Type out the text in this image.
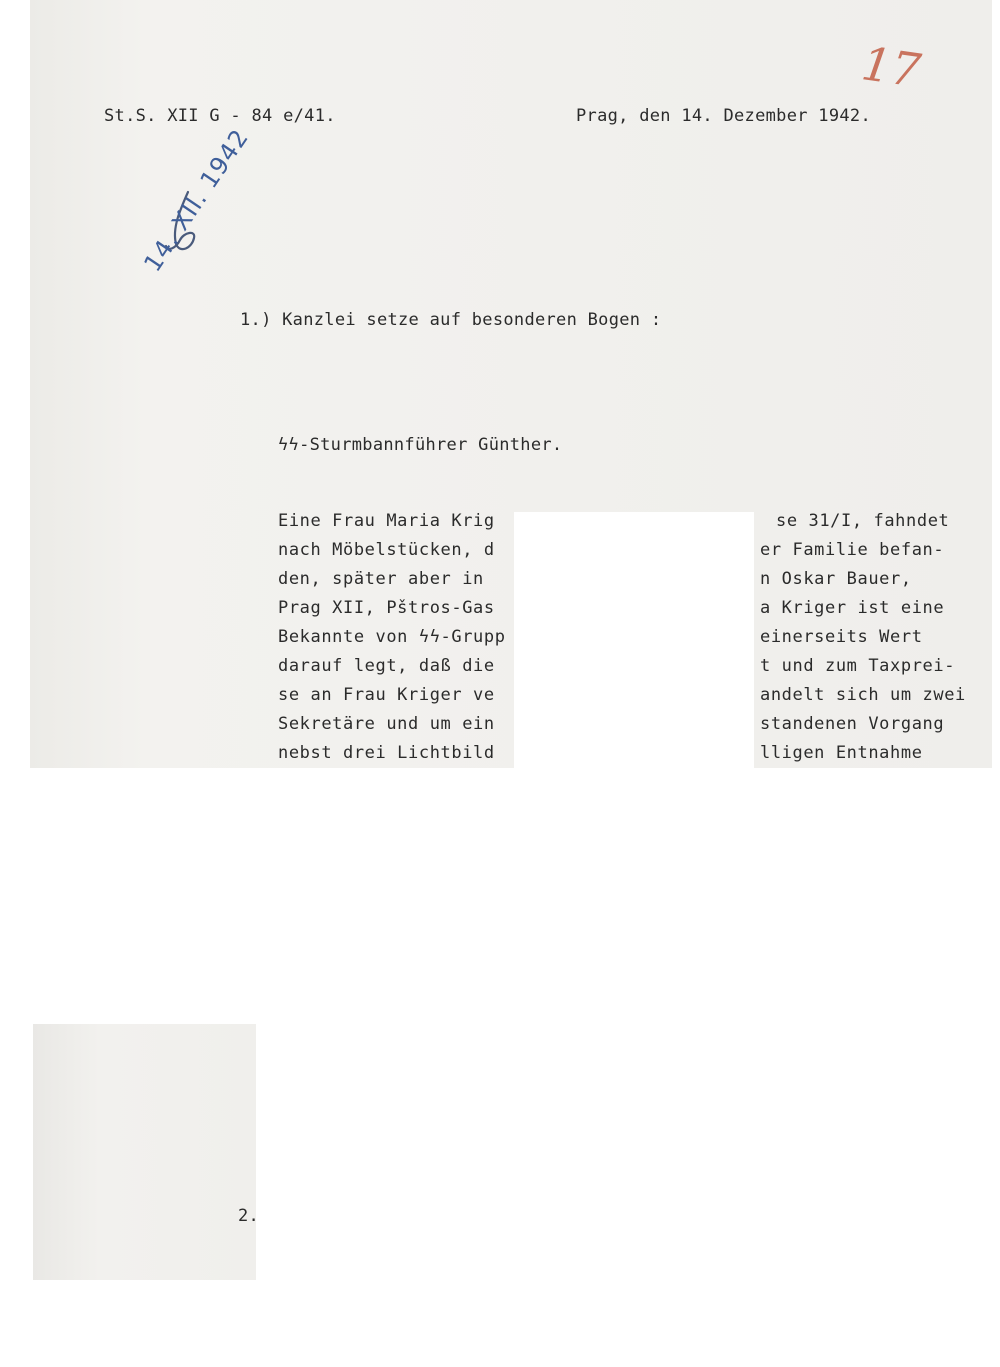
St.S. XII G - 84 e/41.	Prag, den 14. Dezember 1942.
17
14. XII. 1942
1.) Kanzlei setze auf besonderen Bogen :
ϟϟ-Sturmbannführer Günther.
Eine Frau Maria Krig
nach Möbelstücken, d
den, später aber in
Prag XII, Pštros-Gas
Bekannte von ϟϟ-Grupp
darauf legt, daß die
se an Frau Kriger ve
Sekretäre und um ein
nebst drei Lichtbild
se 31/I, fahndet
er Familie befan-
n Oskar Bauer,
a Kriger ist eine
einerseits Wert
t und zum Taxprei-
andelt sich um zwei
standenen Vorgang
lligen Entnahme
2.
